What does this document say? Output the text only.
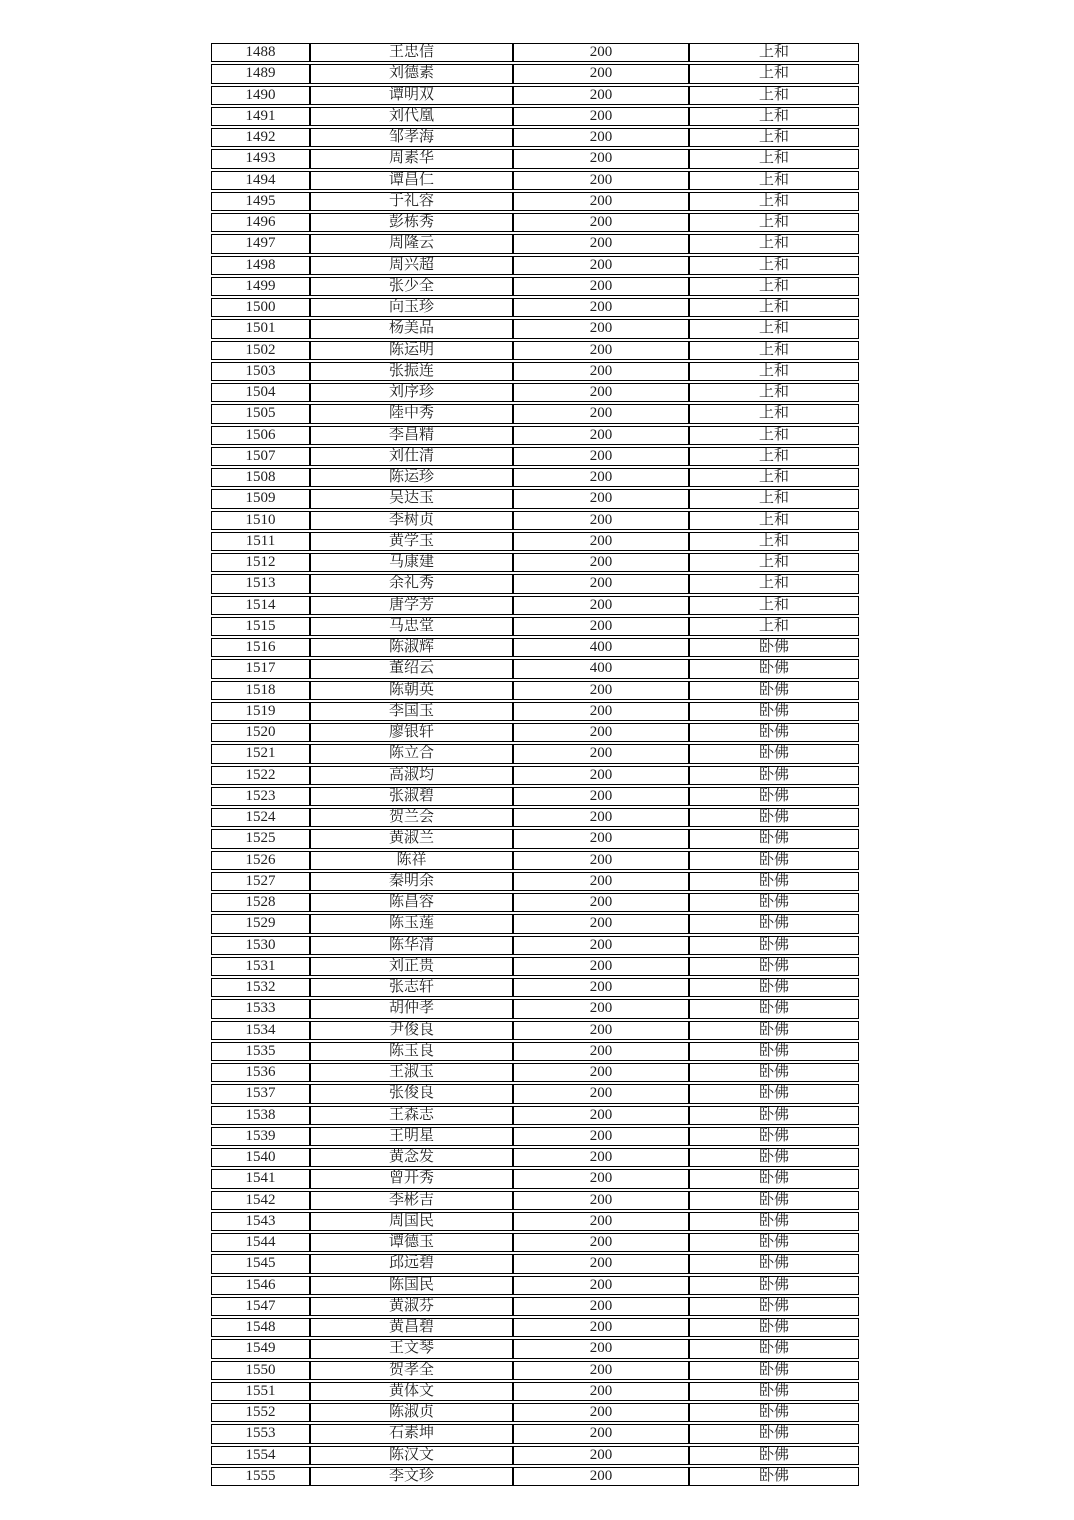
1488	王忠信	200	上和
1489	刘德素	200	上和
1490	谭明双	200	上和
1491	刘代凰	200	上和
1492	邹孝海	200	上和
1493	周素华	200	上和
1494	谭昌仁	200	上和
1495	于礼容	200	上和
1496	彭栋秀	200	上和
1497	周隆云	200	上和
1498	周兴超	200	上和
1499	张少全	200	上和
1500	向玉珍	200	上和
1501	杨美品	200	上和
1502	陈运明	200	上和
1503	张振连	200	上和
1504	刘序珍	200	上和
1505	陸中秀	200	上和
1506	李昌精	200	上和
1507	刘仕清	200	上和
1508	陈运珍	200	上和
1509	吴达玉	200	上和
1510	李树贞	200	上和
1511	黄学玉	200	上和
1512	马康建	200	上和
1513	余礼秀	200	上和
1514	唐学芳	200	上和
1515	马忠堂	200	上和
1516	陈淑辉	400	卧佛
1517	董绍云	400	卧佛
1518	陈朝英	200	卧佛
1519	李国玉	200	卧佛
1520	廖银轩	200	卧佛
1521	陈立合	200	卧佛
1522	高淑均	200	卧佛
1523	张淑碧	200	卧佛
1524	贺兰会	200	卧佛
1525	黄淑兰	200	卧佛
1526	陈祥	200	卧佛
1527	秦明余	200	卧佛
1528	陈昌容	200	卧佛
1529	陈玉莲	200	卧佛
1530	陈华清	200	卧佛
1531	刘正贵	200	卧佛
1532	张志轩	200	卧佛
1533	胡仲孝	200	卧佛
1534	尹俊良	200	卧佛
1535	陈玉良	200	卧佛
1536	王淑玉	200	卧佛
1537	张俊良	200	卧佛
1538	王森志	200	卧佛
1539	王明星	200	卧佛
1540	黄念发	200	卧佛
1541	曾开秀	200	卧佛
1542	李彬吉	200	卧佛
1543	周国民	200	卧佛
1544	谭德玉	200	卧佛
1545	邱远碧	200	卧佛
1546	陈国民	200	卧佛
1547	黄淑芬	200	卧佛
1548	黄昌碧	200	卧佛
1549	王文琴	200	卧佛
1550	贺孝全	200	卧佛
1551	黄体文	200	卧佛
1552	陈淑贞	200	卧佛
1553	石素坤	200	卧佛
1554	陈汉文	200	卧佛
1555	李文珍	200	卧佛
